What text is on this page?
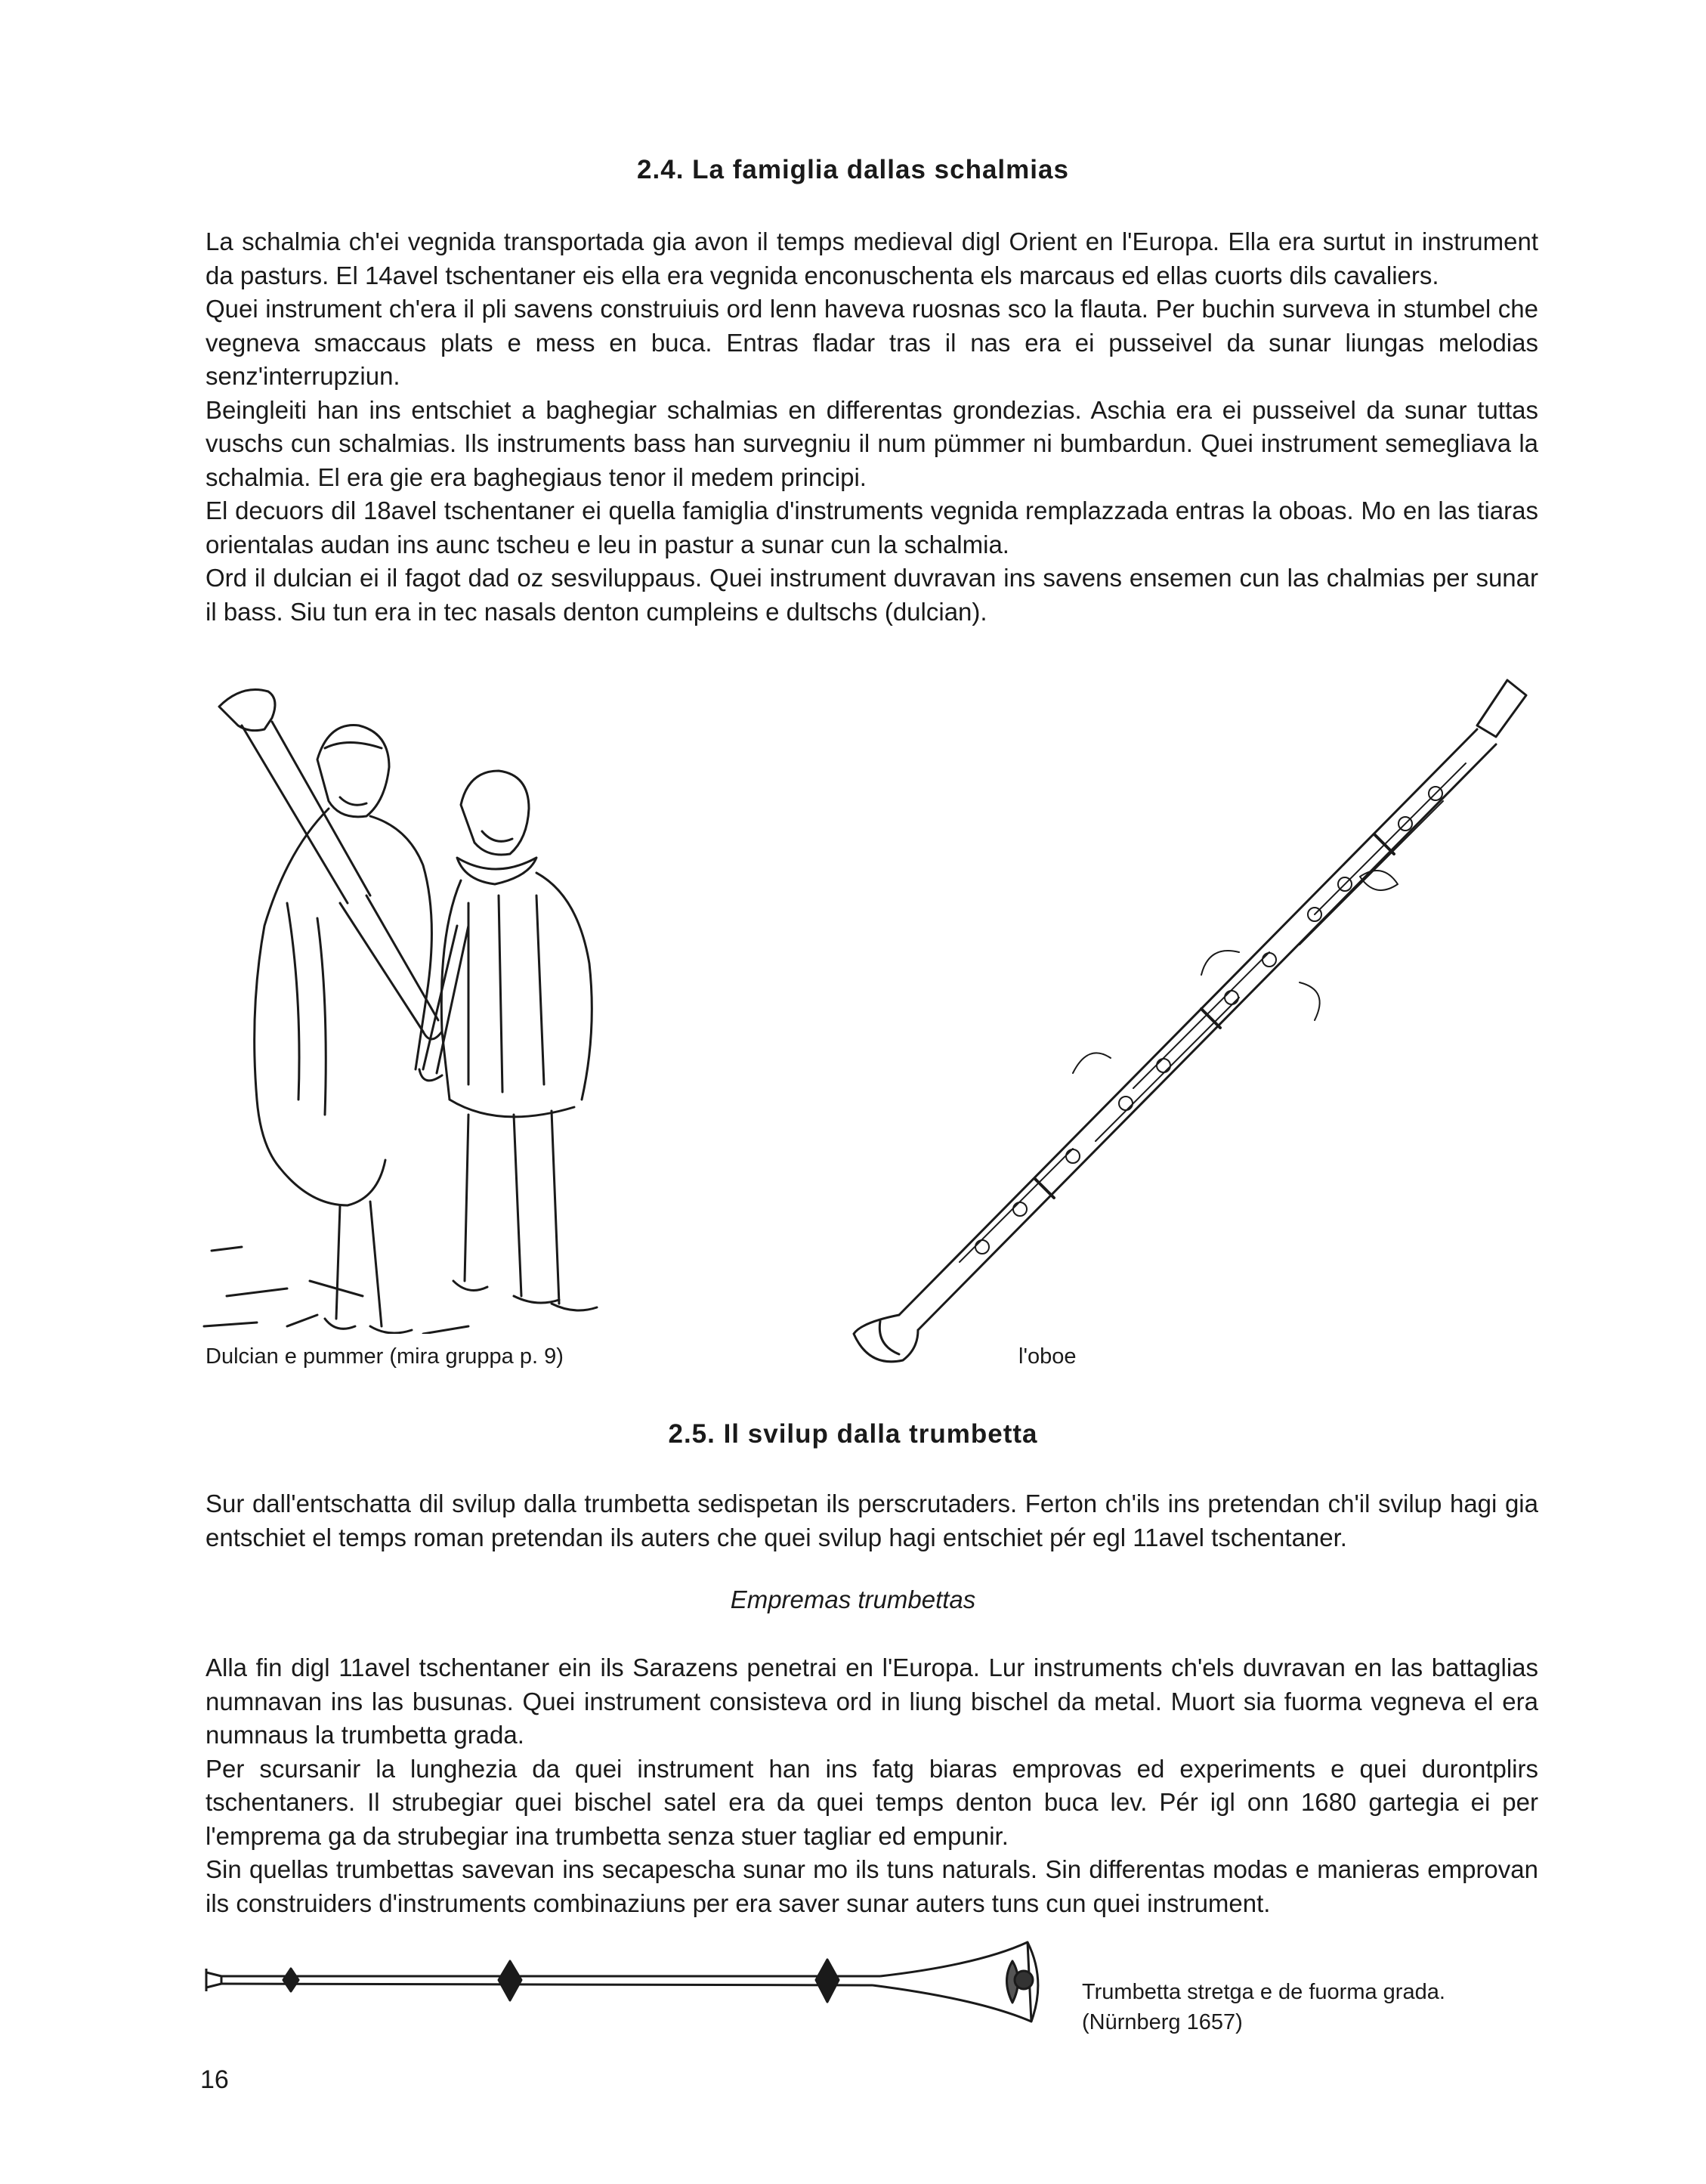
2.4. La famiglia dallas schalmias

La schalmia ch'ei vegnida transportada gia avon il temps medieval digl Orient en l'Europa. Ella era surtut in instrument da pasturs. El 14avel tschentaner eis ella era vegnida enconuschenta els marcaus ed ellas cuorts dils cavaliers.

Quei instrument ch'era il pli savens construiuis ord lenn haveva ruosnas sco la flauta. Per buchin surveva in stumbel che vegneva smaccaus plats e mess en buca. Entras fladar tras il nas era ei pusseivel da sunar liungas melodias senz'interrupziun.

Beingleiti han ins entschiet a baghegiar schalmias en differentas grondezias. Aschia era ei pusseivel da sunar tuttas vuschs cun schalmias. Ils instruments bass han survegniu il num pümmer ni bumbardun. Quei instrument semegliava la schalmia. El era gie era baghegiaus tenor il medem principi.

El decuors dil 18avel tschentaner ei quella famiglia d'instruments vegnida remplazzada entras la oboas. Mo en las tiaras orientalas audan ins aunc tscheu e leu in pastur a sunar cun la schalmia.

Ord il dulcian ei il fagot dad oz sesviluppaus. Quei instrument duvravan ins savens ensemen cun las chalmias per sunar il bass. Siu tun era in tec nasals denton cumpleins e dultschs (dulcian).

Dulcian e pummer (mira gruppa p. 9)	l'oboe
2.5. Il svilup dalla trumbetta

Sur dall'entschatta dil svilup dalla trumbetta sedispetan ils perscrutaders. Ferton ch'ils ins pretendan ch'il svilup hagi gia entschiet el temps roman pretendan ils auters che quei svilup hagi entschiet pér egl 11avel tschentaner.

Empremas trumbettas

Alla fin digl 11avel tschentaner ein ils Sarazens penetrai en l'Europa. Lur instruments ch'els duvravan en las battaglias numnavan ins las busunas. Quei instrument consisteva ord in liung bischel da metal. Muort sia fuorma vegneva el era numnaus la trumbetta grada.

Per scursanir la lunghezia da quei instrument han ins fatg biaras emprovas ed experiments e quei durontplirs tschentaners. Il strubegiar quei bischel satel era da quei temps denton buca lev. Pér igl onn 1680 gartegia ei per l'emprema ga da strubegiar ina trumbetta senza stuer tagliar ed empunir.

Sin quellas trumbettas savevan ins secapescha sunar mo ils tuns naturals. Sin differentas modas e manieras emprovan ils construiders d'instruments combinaziuns per era saver sunar auters tuns cun quei instrument.

Trumbetta stretga e de fuorma grada.
(Nürnberg 1657)
16
